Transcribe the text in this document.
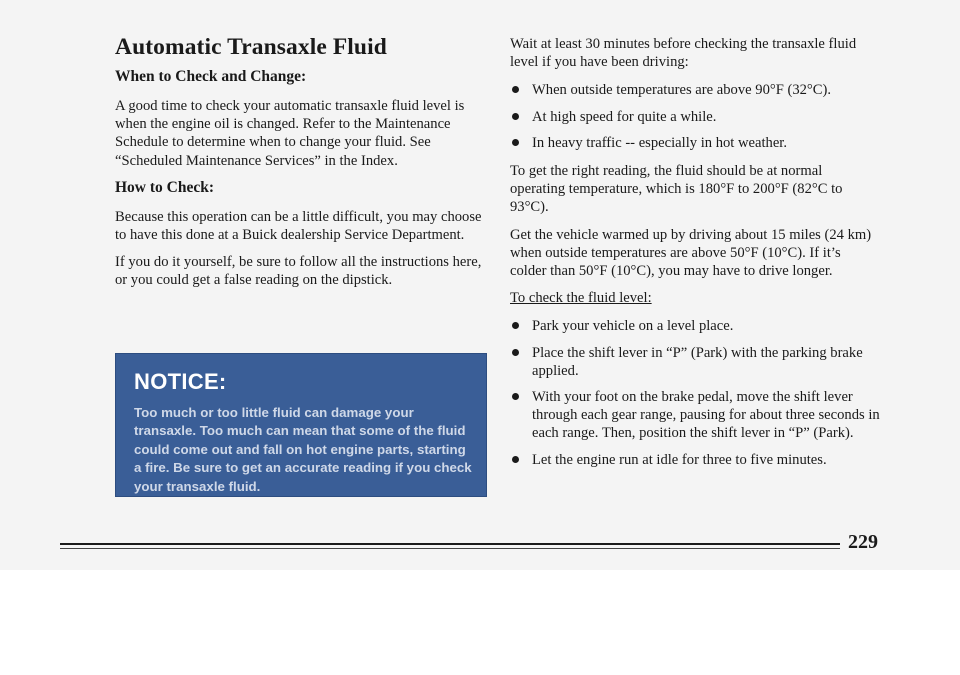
Automatic Transaxle Fluid
When to Check and Change:

A good time to check your automatic transaxle fluid level is when the engine oil is changed. Refer to the Maintenance Schedule to determine when to change your fluid. See “Scheduled Maintenance Services” in the Index.

How to Check:

Because this operation can be a little difficult, you may choose to have this done at a Buick dealership Service Department.

If you do it yourself, be sure to follow all the instructions here, or you could get a false reading on the dipstick.

NOTICE:
Too much or too little fluid can damage your transaxle. Too much can mean that some of the fluid could come out and fall on hot engine parts, starting a fire. Be sure to get an accurate reading if you check your transaxle fluid.

Wait at least 30 minutes before checking the transaxle fluid level if you have been driving:

When outside temperatures are above 90°F (32°C).
At high speed for quite a while.
In heavy traffic -- especially in hot weather.

To get the right reading, the fluid should be at normal operating temperature, which is 180°F to 200°F (82°C to 93°C).

Get the vehicle warmed up by driving about 15 miles (24 km) when outside temperatures are above 50°F (10°C). If it’s colder than 50°F (10°C), you may have to drive longer.

To check the fluid level:

Park your vehicle on a level place.
Place the shift lever in “P” (Park) with the parking brake applied.
With your foot on the brake pedal, move the shift lever through each gear range, pausing for about three seconds in each range. Then, position the shift lever in “P” (Park).
Let the engine run at idle for three to five minutes.
229
